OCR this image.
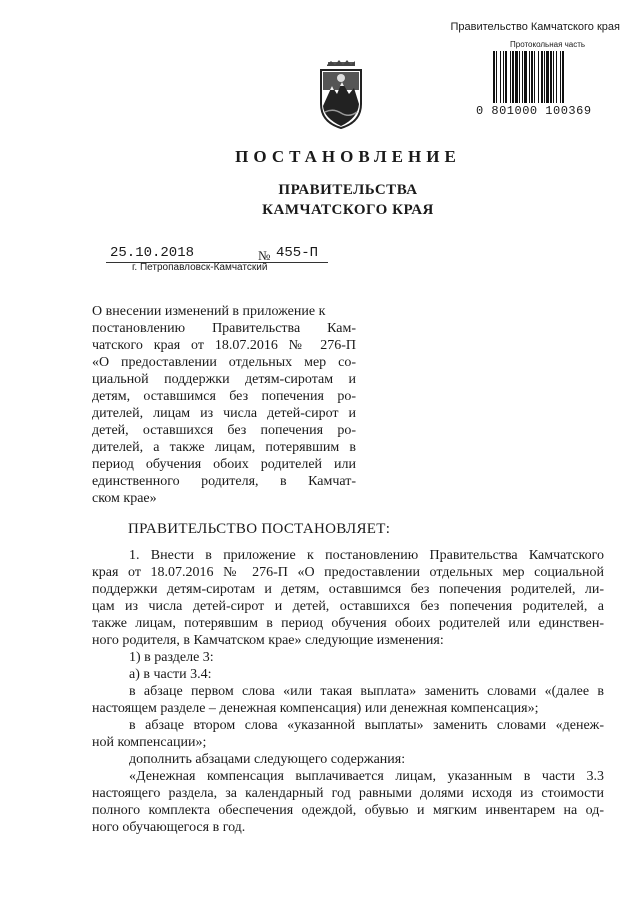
Правительство Камчатского края
Протокольная часть
0 801000 100369
ПОСТАНОВЛЕНИЕ
ПРАВИТЕЛЬСТВА
КАМЧАТСКОГО КРАЯ
25.10.2018	№ 455-П
г. Петропавловск-Камчатский
О внесении изменений в приложение к
постановлению Правительства Кам-
чатского края от 18.07.2016 № 276-П
«О предоставлении отдельных мер со-
циальной поддержки детям-сиротам и
детям, оставшимся без попечения ро-
дителей, лицам из числа детей-сирот и
детей, оставшихся без попечения ро-
дителей, а также лицам, потерявшим в
период обучения обоих родителей или
единственного родителя, в Камчат-
ском крае»
ПРАВИТЕЛЬСТВО ПОСТАНОВЛЯЕТ:
1. Внести в приложение к постановлению Правительства Камчатского
края от 18.07.2016 № 276-П «О предоставлении отдельных мер социальной
поддержки детям-сиротам и детям, оставшимся без попечения родителей, ли-
цам из числа детей-сирот и детей, оставшихся без попечения родителей, а
также лицам, потерявшим в период обучения обоих родителей или единствен-
ного родителя, в Камчатском крае» следующие изменения:
1) в разделе 3:
а) в части 3.4:
в абзаце первом слова «или такая выплата» заменить словами «(далее в
настоящем разделе – денежная компенсация) или денежная компенсация»;
в абзаце втором слова «указанной выплаты» заменить словами «денеж-
ной компенсации»;
дополнить абзацами следующего содержания:
«Денежная компенсация выплачивается лицам, указанным в части 3.3
настоящего раздела, за календарный год равными долями исходя из стоимости
полного комплекта обеспечения одеждой, обувью и мягким инвентарем на од-
ного обучающегося в год.
